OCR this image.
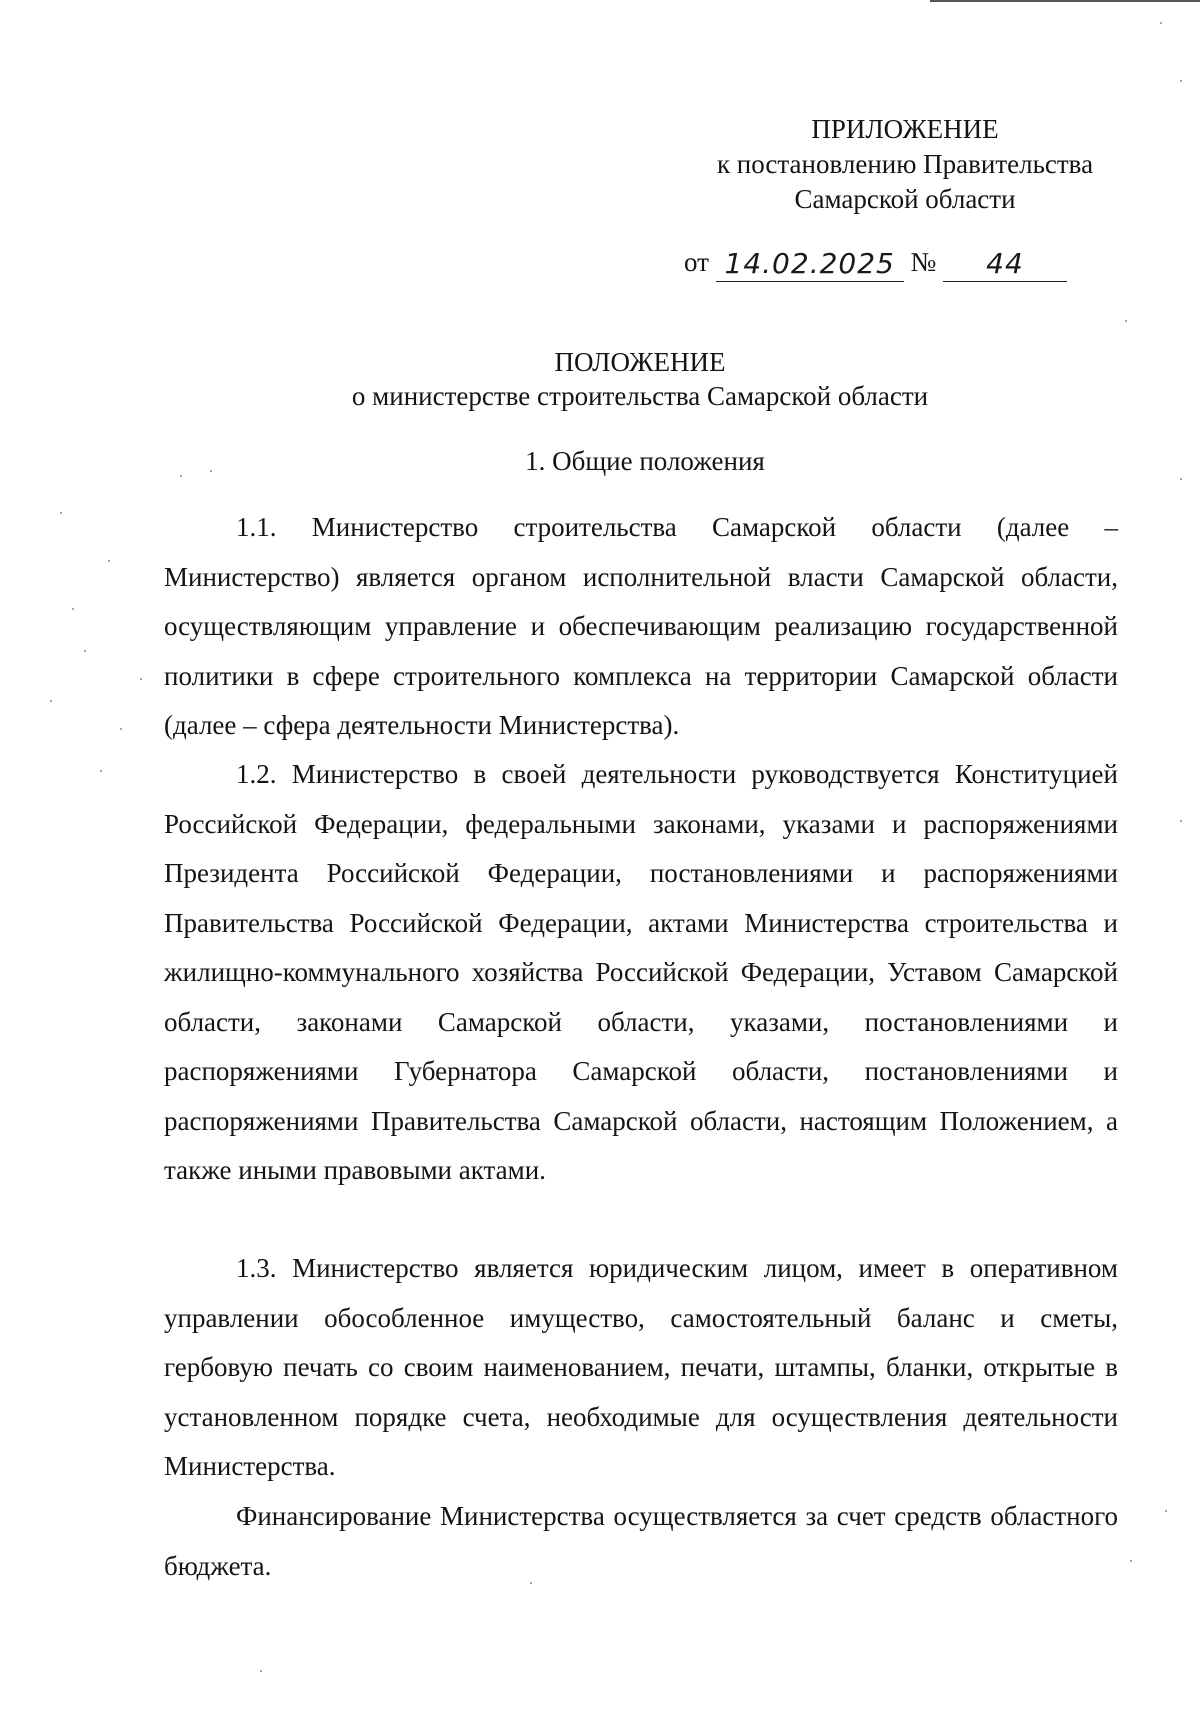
ПРИЛОЖЕНИЕ
к постановлению Правительства
Самарской области
от 14.02.2025 № 44
ПОЛОЖЕНИЕ
о министерстве строительства Самарской области
1. Общие положения

1.1. Министерство строительства Самарской области (далее – Министерство) является органом исполнительной власти Самарской области, осуществляющим управление и обеспечивающим реализацию государственной политики в сфере строительного комплекса на территории Самарской области (далее – сфера деятельности Министерства).

1.2. Министерство в своей деятельности руководствуется Конституцией Российской Федерации, федеральными законами, указами и распоряжениями Президента Российской Федерации, постановлениями и распоряжениями Правительства Российской Федерации, актами Министерства строительства и жилищно-коммунального хозяйства Российской Федерации, Уставом Самарской области, законами Самарской области, указами, постановлениями и распоряжениями Губернатора Самарской области, постановлениями и распоряжениями Правительства Самарской области, настоящим Положением, а также иными правовыми актами.

1.3. Министерство является юридическим лицом, имеет в оперативном управлении обособленное имущество, самостоятельный баланс и сметы, гербовую печать со своим наименованием, печати, штампы, бланки, открытые в установленном порядке счета, необходимые для осуществления деятельности Министерства.

Финансирование Министерства осуществляется за счет средств областного бюджета.
